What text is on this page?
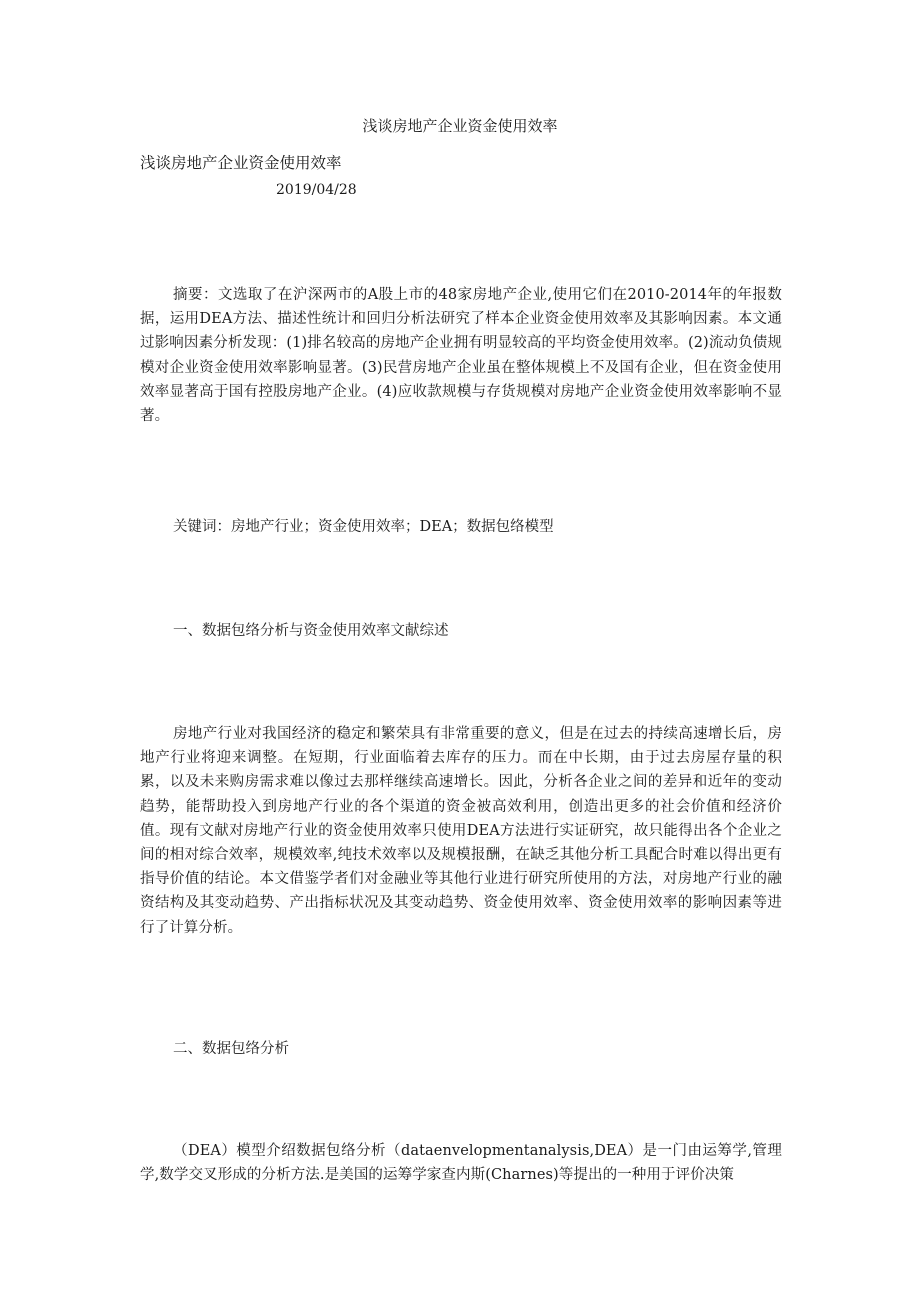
浅谈房地产企业资金使用效率
浅谈房地产企业资金使用效率
2019/04/28
摘要：文选取了在沪深两市的A股上市的48家房地产企业,使用它们在2010-2014年的年报数据，运用DEA方法、描述性统计和回归分析法研究了样本企业资金使用效率及其影响因素。本文通过影响因素分析发现：(1)排名较高的房地产企业拥有明显较高的平均资金使用效率。(2)流动负债规模对企业资金使用效率影响显著。(3)民营房地产企业虽在整体规模上不及国有企业，但在资金使用效率显著高于国有控股房地产企业。(4)应收款规模与存货规模对房地产企业资金使用效率影响不显著。
关键词：房地产行业；资金使用效率；DEA；数据包络模型
一、数据包络分析与资金使用效率文献综述
房地产行业对我国经济的稳定和繁荣具有非常重要的意义，但是在过去的持续高速增长后，房地产行业将迎来调整。在短期，行业面临着去库存的压力。而在中长期，由于过去房屋存量的积累，以及未来购房需求难以像过去那样继续高速增长。因此，分析各企业之间的差异和近年的变动趋势，能帮助投入到房地产行业的各个渠道的资金被高效利用，创造出更多的社会价值和经济价值。现有文献对房地产行业的资金使用效率只使用DEA方法进行实证研究，故只能得出各个企业之间的相对综合效率，规模效率,纯技术效率以及规模报酬，在缺乏其他分析工具配合时难以得出更有指导价值的结论。本文借鉴学者们对金融业等其他行业进行研究所使用的方法，对房地产行业的融资结构及其变动趋势、产出指标状况及其变动趋势、资金使用效率、资金使用效率的影响因素等进行了计算分析。
二、数据包络分析
（DEA）模型介绍数据包络分析（dataenvelopmentanalysis,DEA）是一门由运筹学,管理学,数学交叉形成的分析方法.是美国的运筹学家查内斯(Charnes)等提出的一种用于评价决策
